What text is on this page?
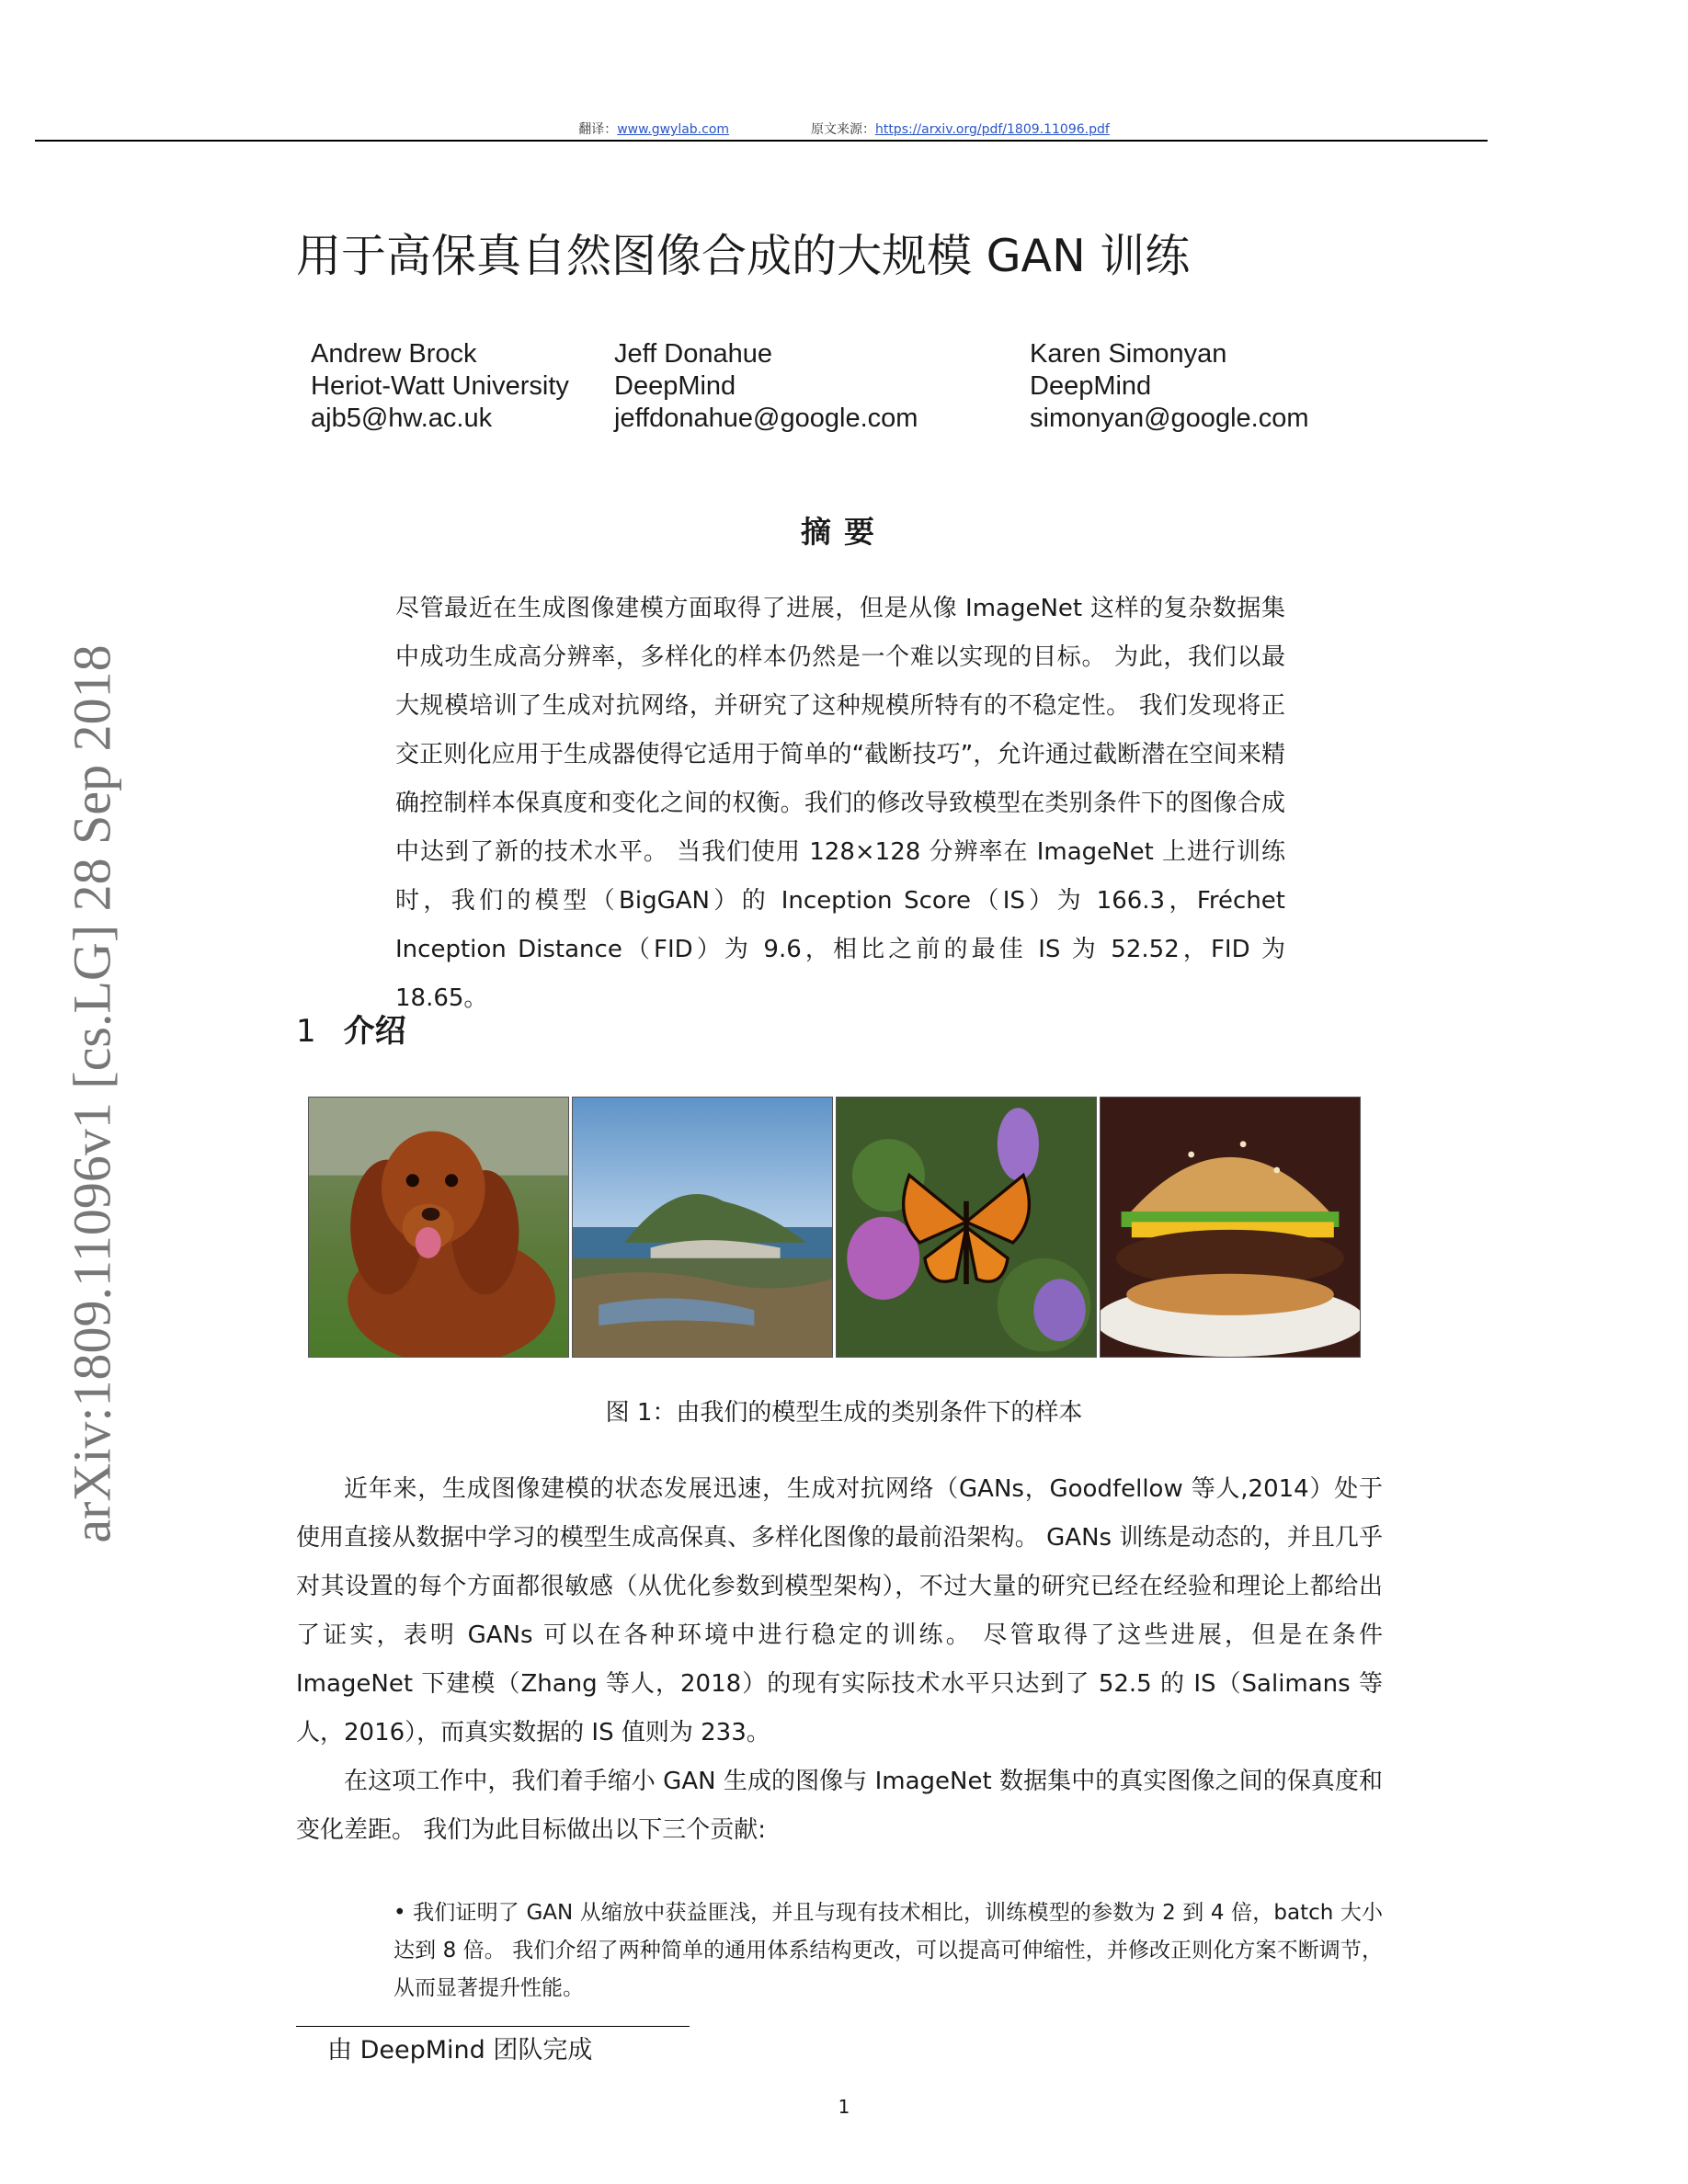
翻译：www.gwylab.com	原文来源：https://arxiv.org/pdf/1809.11096.pdf
用于高保真自然图像合成的大规模 GAN 训练
Andrew Brock
Heriot-Watt University
ajb5@hw.ac.uk
Jeff Donahue
DeepMind
jeffdonahue@google.com
Karen Simonyan
DeepMind
simonyan@google.com
arXiv:1809.11096v1 [cs.LG] 28 Sep 2018
摘要

尽管最近在生成图像建模方面取得了进展，但是从像 ImageNet 这样的复杂数据集中成功生成高分辨率，多样化的样本仍然是一个难以实现的目标。 为此，我们以最大规模培训了生成对抗网络，并研究了这种规模所特有的不稳定性。 我们发现将正交正则化应用于生成器使得它适用于简单的“截断技巧”，允许通过截断潜在空间来精确控制样本保真度和变化之间的权衡。我们的修改导致模型在类别条件下的图像合成中达到了新的技术水平。 当我们使用 128×128 分辨率在 ImageNet 上进行训练时，我们的模型（BigGAN）的 Inception Score（IS）为 166.3，Fréchet Inception Distance（FID）为 9.6，相比之前的最佳 IS 为 52.52，FID 为 18.65。

1 介绍
图 1：由我们的模型生成的类别条件下的样本

近年来，生成图像建模的状态发展迅速，生成对抗网络（GANs，Goodfellow 等人,2014）处于使用直接从数据中学习的模型生成高保真、多样化图像的最前沿架构。 GANs 训练是动态的，并且几乎对其设置的每个方面都很敏感（从优化参数到模型架构），不过大量的研究已经在经验和理论上都给出了证实，表明 GANs 可以在各种环境中进行稳定的训练。 尽管取得了这些进展，但是在条件 ImageNet 下建模（Zhang 等人，2018）的现有实际技术水平只达到了 52.5 的 IS（Salimans 等人，2016），而真实数据的 IS 值则为 233。

在这项工作中，我们着手缩小 GAN 生成的图像与 ImageNet 数据集中的真实图像之间的保真度和变化差距。 我们为此目标做出以下三个贡献:

• 我们证明了 GAN 从缩放中获益匪浅，并且与现有技术相比，训练模型的参数为 2 到 4 倍，batch 大小达到 8 倍。 我们介绍了两种简单的通用体系结构更改，可以提高可伸缩性，并修改正则化方案不断调节，从而显著提升性能。

由 DeepMind 团队完成
1
